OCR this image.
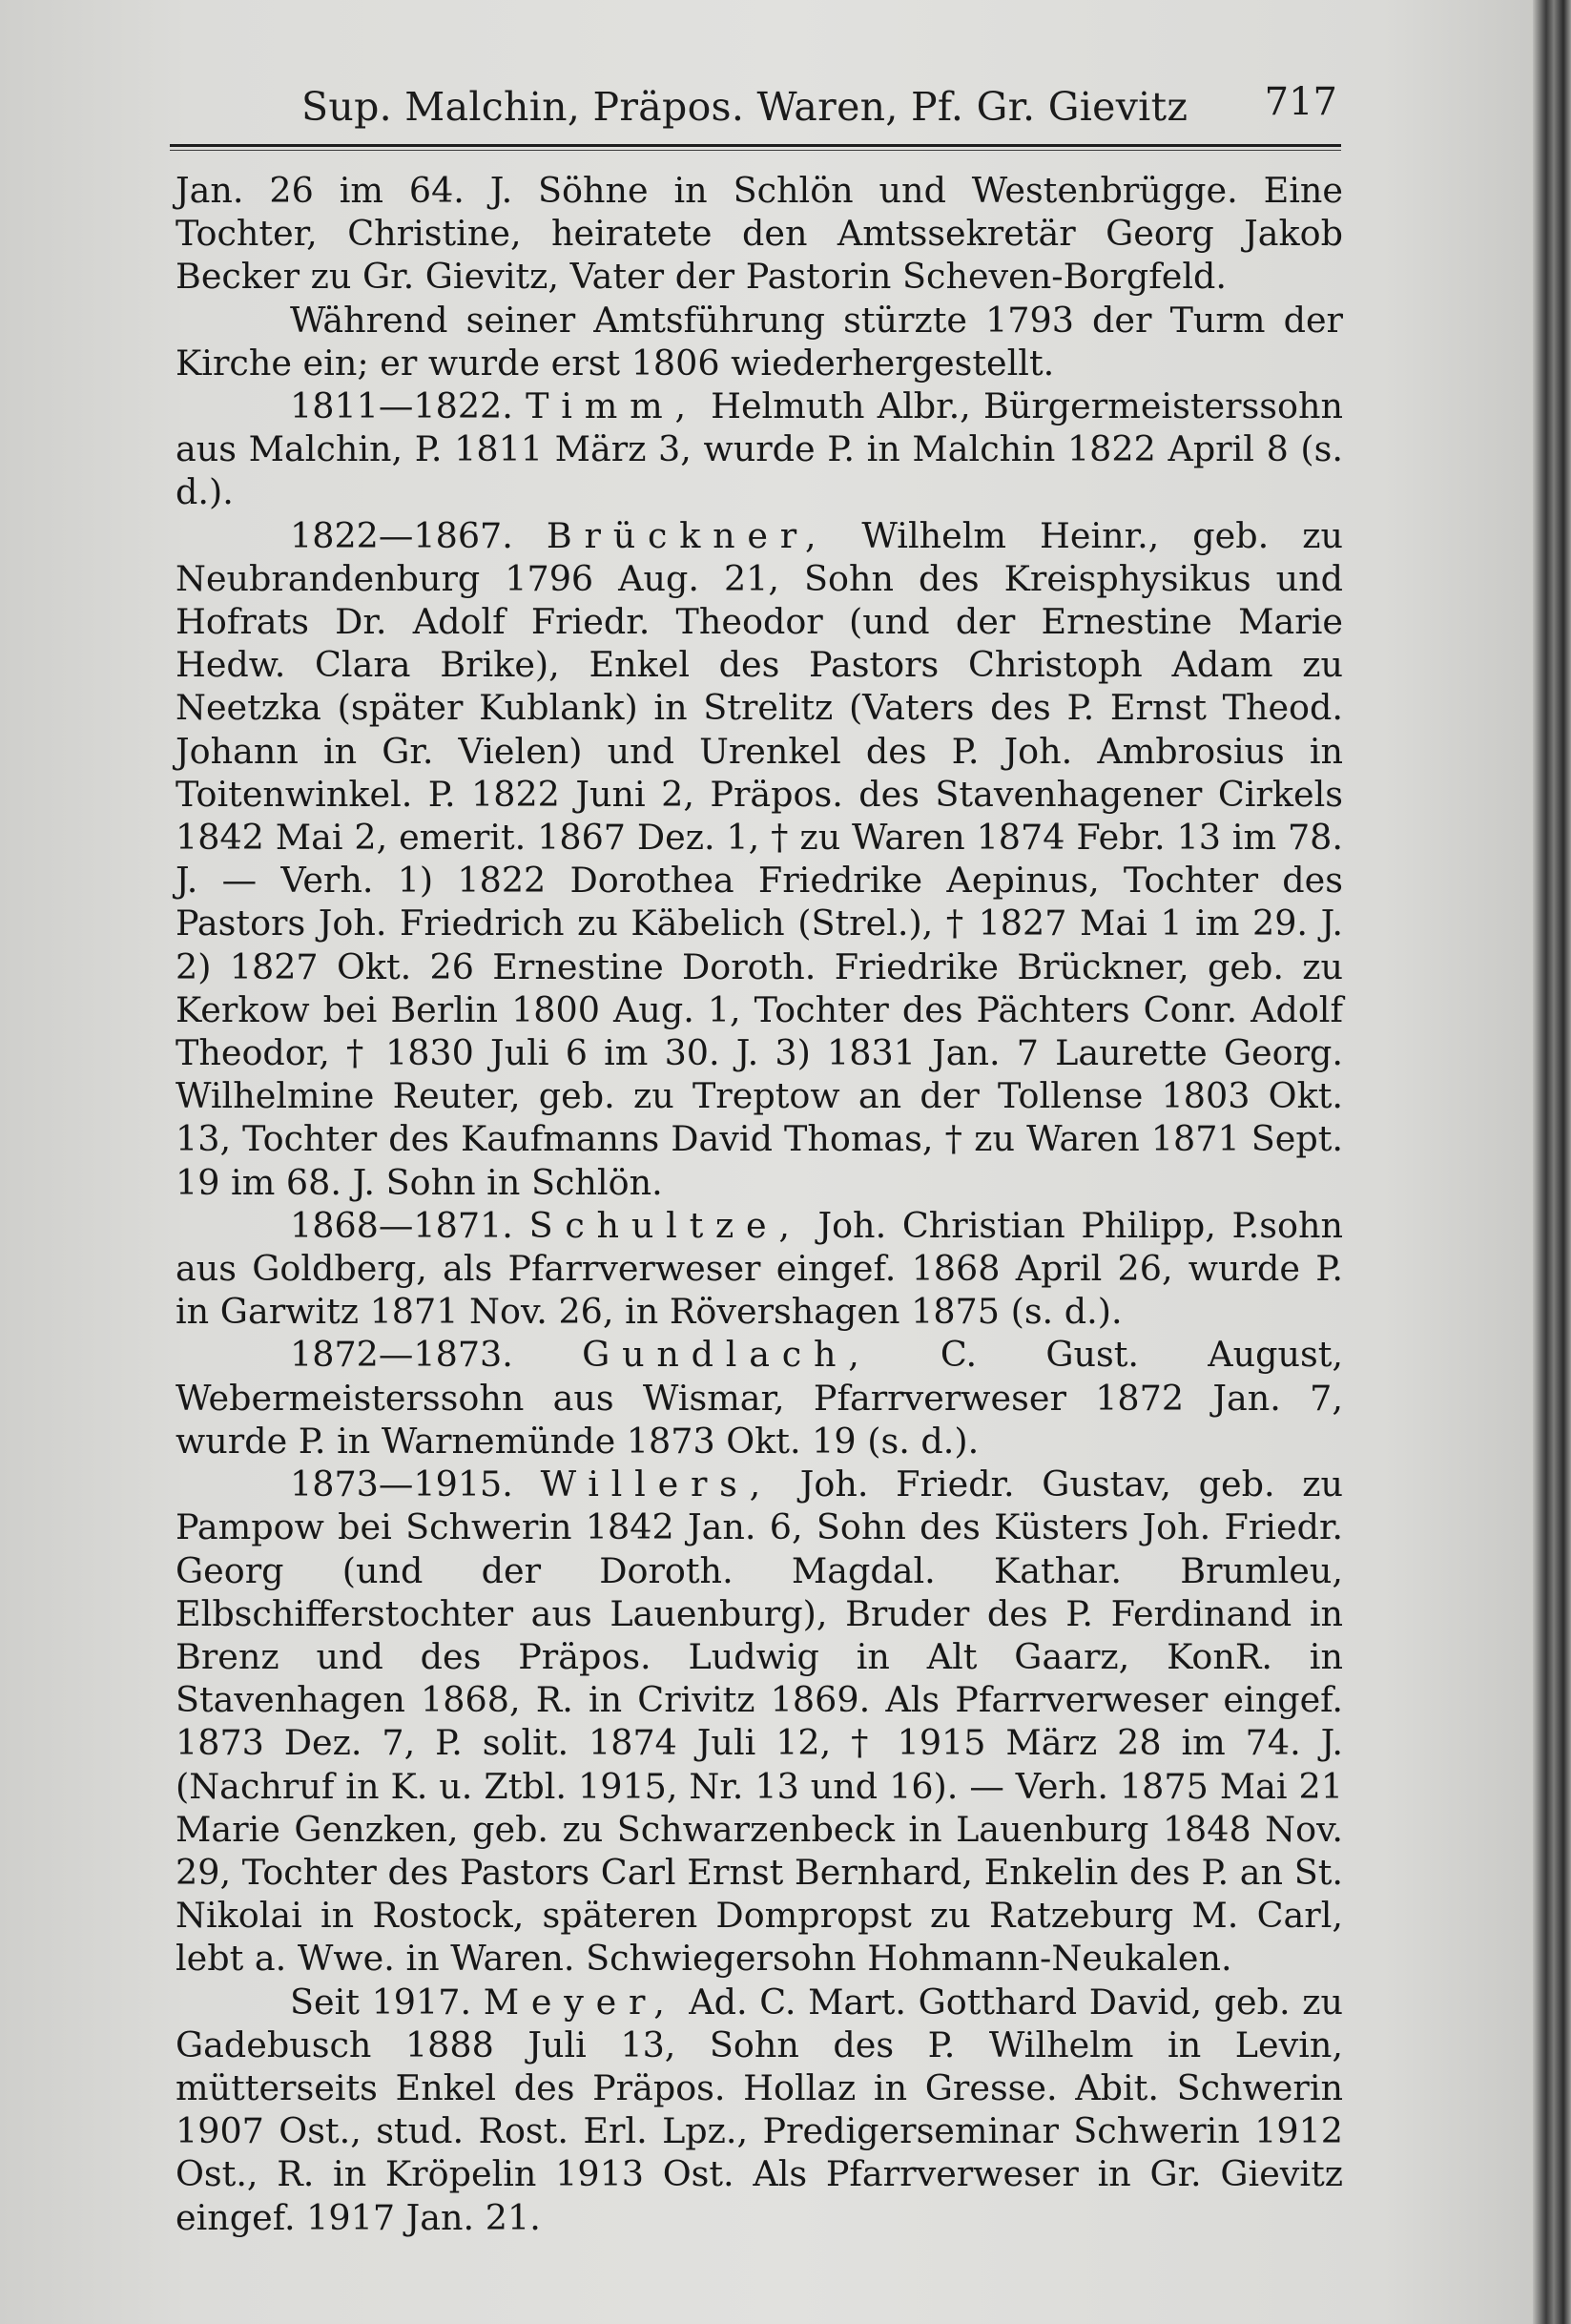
Sup. Malchin, Präpos. Waren, Pf. Gr. Gievitz 717

Jan. 26 im 64. J. Söhne in Schlön und Westenbrügge. Eine Tochter, Christine, heiratete den Amtssekretär Georg Jakob Becker zu Gr. Gievitz, Vater der Pastorin Scheven-Borgfeld.

Während seiner Amtsführung stürzte 1793 der Turm der Kirche ein; er wurde erst 1806 wiederhergestellt.

1811—1822. Timm, Helmuth Albr., Bürgermeisterssohn aus Malchin, P. 1811 März 3, wurde P. in Malchin 1822 April 8 (s. d.).

1822—1867. Brückner, Wilhelm Heinr., geb. zu Neubrandenburg 1796 Aug. 21, Sohn des Kreisphysikus und Hofrats Dr. Adolf Friedr. Theodor (und der Ernestine Marie Hedw. Clara Brike), Enkel des Pastors Christoph Adam zu Neetzka (später Kublank) in Strelitz (Vaters des P. Ernst Theod. Johann in Gr. Vielen) und Urenkel des P. Joh. Ambrosius in Toitenwinkel. P. 1822 Juni 2, Präpos. des Stavenhagener Cirkels 1842 Mai 2, emerit. 1867 Dez. 1, † zu Waren 1874 Febr. 13 im 78. J. — Verh. 1) 1822 Dorothea Friedrike Aepinus, Tochter des Pastors Joh. Friedrich zu Käbelich (Strel.), † 1827 Mai 1 im 29. J. 2) 1827 Okt. 26 Ernestine Doroth. Friedrike Brückner, geb. zu Kerkow bei Berlin 1800 Aug. 1, Tochter des Pächters Conr. Adolf Theodor, † 1830 Juli 6 im 30. J. 3) 1831 Jan. 7 Laurette Georg. Wilhelmine Reuter, geb. zu Treptow an der Tollense 1803 Okt. 13, Tochter des Kaufmanns David Thomas, † zu Waren 1871 Sept. 19 im 68. J. Sohn in Schlön.

1868—1871. Schultze, Joh. Christian Philipp, P.sohn aus Goldberg, als Pfarrverweser eingef. 1868 April 26, wurde P. in Garwitz 1871 Nov. 26, in Rövershagen 1875 (s. d.).

1872—1873. Gundlach, C. Gust. August, Webermeisterssohn aus Wismar, Pfarrverweser 1872 Jan. 7, wurde P. in Warnemünde 1873 Okt. 19 (s. d.).

1873—1915. Willers, Joh. Friedr. Gustav, geb. zu Pampow bei Schwerin 1842 Jan. 6, Sohn des Küsters Joh. Friedr. Georg (und der Doroth. Magdal. Kathar. Brumleu, Elbschifferstochter aus Lauenburg), Bruder des P. Ferdinand in Brenz und des Präpos. Ludwig in Alt Gaarz, KonR. in Stavenhagen 1868, R. in Crivitz 1869. Als Pfarrverweser eingef. 1873 Dez. 7, P. solit. 1874 Juli 12, † 1915 März 28 im 74. J. (Nachruf in K. u. Ztbl. 1915, Nr. 13 und 16). — Verh. 1875 Mai 21 Marie Genzken, geb. zu Schwarzenbeck in Lauenburg 1848 Nov. 29, Tochter des Pastors Carl Ernst Bernhard, Enkelin des P. an St. Nikolai in Rostock, späteren Dompropst zu Ratzeburg M. Carl, lebt a. Wwe. in Waren. Schwiegersohn Hohmann-Neukalen.

Seit 1917. Meyer, Ad. C. Mart. Gotthard David, geb. zu Gadebusch 1888 Juli 13, Sohn des P. Wilhelm in Levin, mütterseits Enkel des Präpos. Hollaz in Gresse. Abit. Schwerin 1907 Ost., stud. Rost. Erl. Lpz., Predigerseminar Schwerin 1912 Ost., R. in Kröpelin 1913 Ost. Als Pfarrverweser in Gr. Gievitz eingef. 1917 Jan. 21.
